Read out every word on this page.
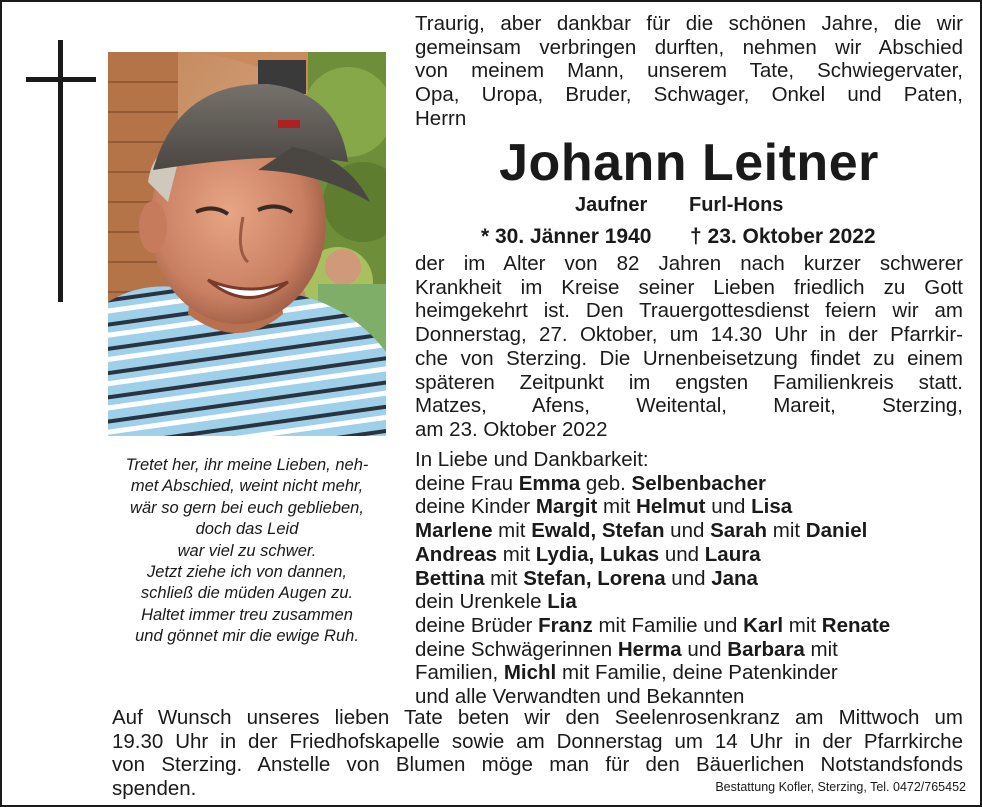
Tretet her, ihr meine Lieben, neh-
met Abschied, weint nicht mehr,
wär so gern bei euch geblieben,
doch das Leid
war viel zu schwer.
Jetzt ziehe ich von dannen,
schließ die müden Augen zu.
Haltet immer treu zusammen
und gönnet mir die ewige Ruh.
Traurig, aber dankbar für die schönen Jahre, die wir
gemeinsam verbringen durften, nehmen wir Abschied
von meinem Mann, unserem Tate, Schwiegervater,
Opa, Uropa, Bruder, Schwager, Onkel und Paten,
Herrn
Johann Leitner
Jaufner Furl-Hons
* 30. Jänner 1940 † 23. Oktober 2022
der im Alter von 82 Jahren nach kurzer schwerer
Krankheit im Kreise seiner Lieben friedlich zu Gott
heimgekehrt ist. Den Trauergottesdienst feiern wir am
Donnerstag, 27. Oktober, um 14.30 Uhr in der Pfarrkir-
che von Sterzing. Die Urnenbeisetzung findet zu einem
späteren Zeitpunkt im engsten Familienkreis statt.
Matzes, Afens, Weitental, Mareit, Sterzing,
am 23. Oktober 2022
In Liebe und Dankbarkeit:
deine Frau Emma geb. Selbenbacher
deine Kinder Margit mit Helmut und Lisa
Marlene mit Ewald, Stefan und Sarah mit Daniel
Andreas mit Lydia, Lukas und Laura
Bettina mit Stefan, Lorena und Jana
dein Urenkele Lia
deine Brüder Franz mit Familie und Karl mit Renate
deine Schwägerinnen Herma und Barbara mit
Familien, Michl mit Familie, deine Patenkinder
und alle Verwandten und Bekannten
Auf Wunsch unseres lieben Tate beten wir den Seelenrosenkranz am Mittwoch um
19.30 Uhr in der Friedhofskapelle sowie am Donnerstag um 14 Uhr in der Pfarrkirche
von Sterzing. Anstelle von Blumen möge man für den Bäuerlichen Notstandsfonds
spenden.	Bestattung Kofler, Sterzing, Tel. 0472/765452
